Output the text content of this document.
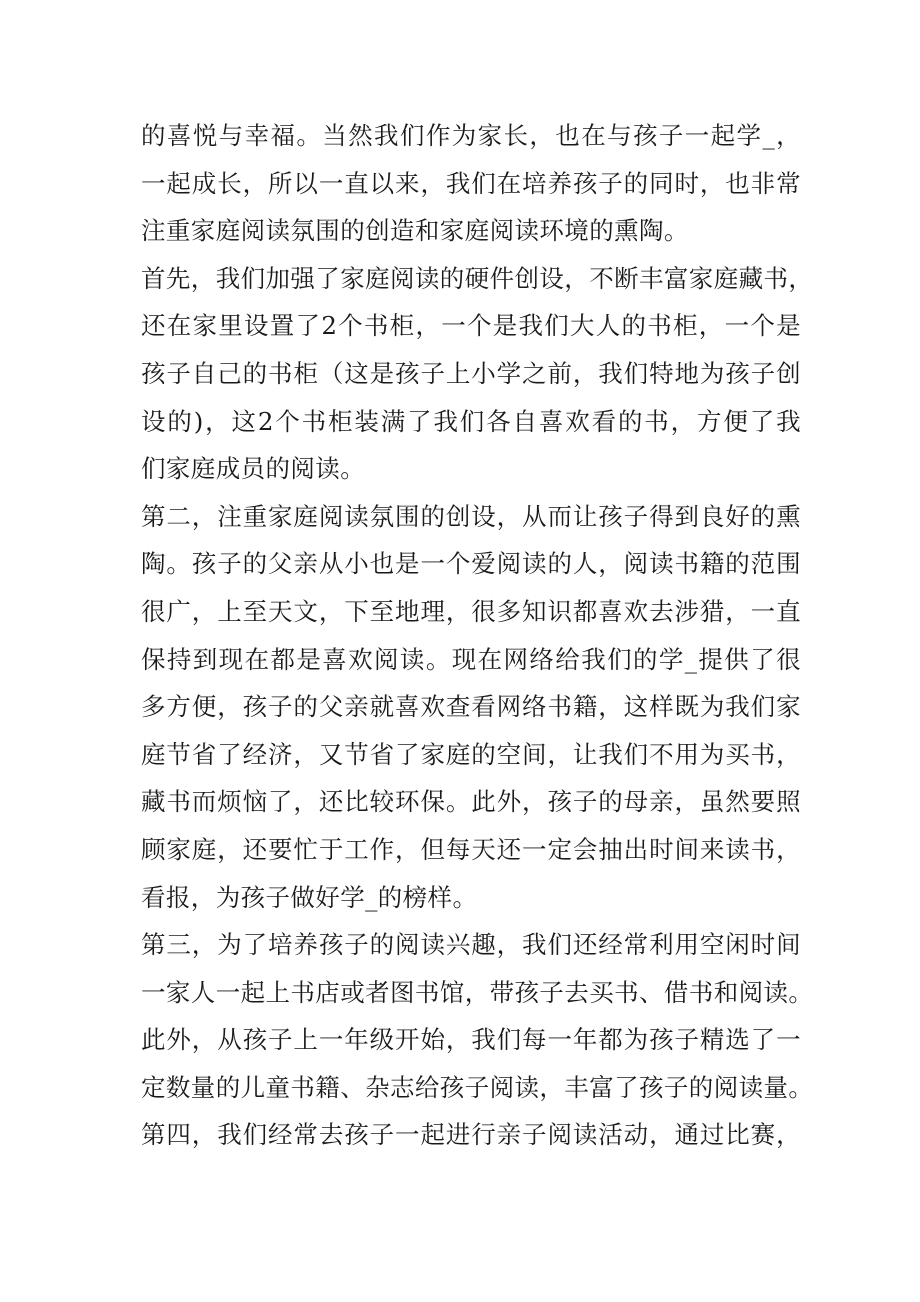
的喜悦与幸福。当然我们作为家长，也在与孩子一起学_，
一起成长，所以一直以来，我们在培养孩子的同时，也非常
注重家庭阅读氛围的创造和家庭阅读环境的熏陶。
首先，我们加强了家庭阅读的硬件创设，不断丰富家庭藏书，
还在家里设置了2个书柜，一个是我们大人的书柜，一个是
孩子自己的书柜（这是孩子上小学之前，我们特地为孩子创
设的)，这2个书柜装满了我们各自喜欢看的书，方便了我
们家庭成员的阅读。
第二，注重家庭阅读氛围的创设，从而让孩子得到良好的熏
陶。孩子的父亲从小也是一个爱阅读的人，阅读书籍的范围
很广，上至天文，下至地理，很多知识都喜欢去涉猎，一直
保持到现在都是喜欢阅读。现在网络给我们的学_提供了很
多方便，孩子的父亲就喜欢查看网络书籍，这样既为我们家
庭节省了经济，又节省了家庭的空间，让我们不用为买书，
藏书而烦恼了，还比较环保。此外，孩子的母亲，虽然要照
顾家庭，还要忙于工作，但每天还一定会抽出时间来读书，
看报，为孩子做好学_的榜样。
第三，为了培养孩子的阅读兴趣，我们还经常利用空闲时间
一家人一起上书店或者图书馆，带孩子去买书、借书和阅读。
此外，从孩子上一年级开始，我们每一年都为孩子精选了一
定数量的儿童书籍、杂志给孩子阅读，丰富了孩子的阅读量。
第四，我们经常去孩子一起进行亲子阅读活动，通过比赛，
